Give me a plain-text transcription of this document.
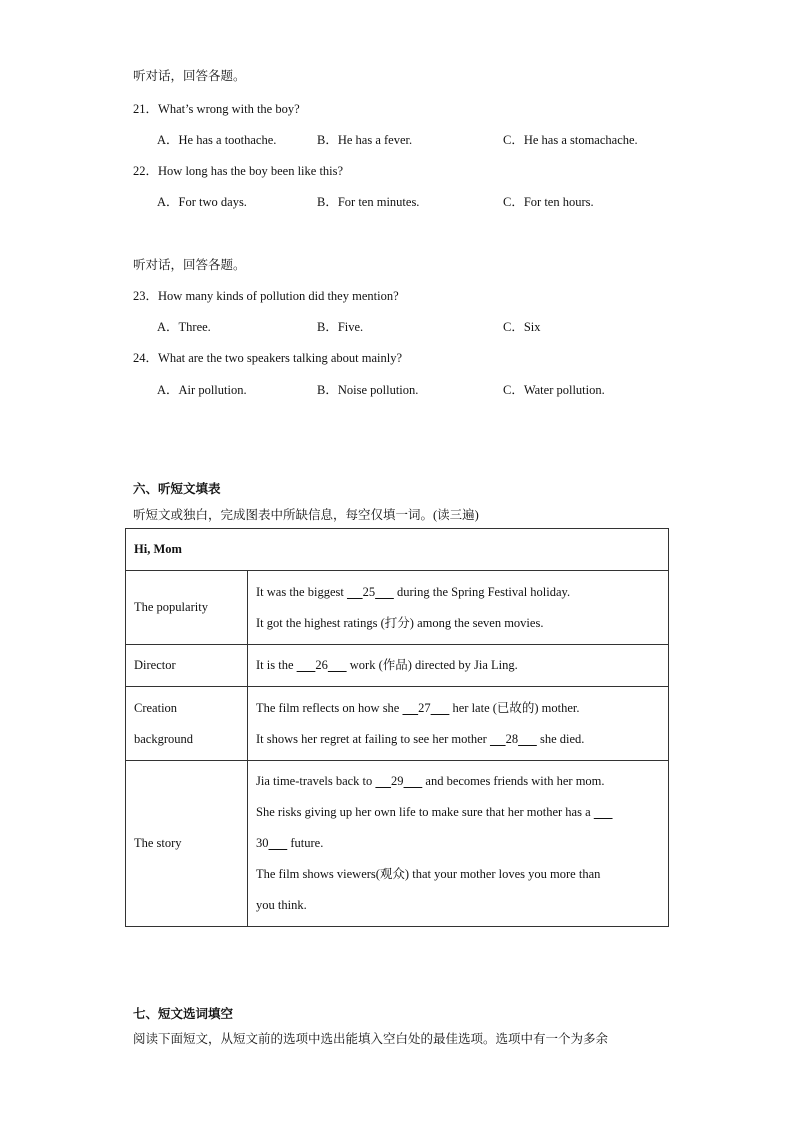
听对话，回答各题。
21．What’s wrong with the boy?
A．He has a toothache.	B．He has a fever.	C．He has a stomachache.
22．How long has the boy been like this?
A．For two days.	B．For ten minutes.	C．For ten hours.
听对话，回答各题。
23．How many kinds of pollution did they mention?
A．Three.	B．Five.	C．Six
24．What are the two speakers talking about mainly?
A．Air pollution.	B．Noise pollution.	C．Water pollution.
六、听短文填表
听短文或独白，完成图表中所缺信息，每空仅填一词。(读三遍)
Hi, Mom	
The popularity	It was the biggest 25 during the Spring Festival holiday.
It got the highest ratings (打分) among the seven movies.

Director	It is the 26 work (作品) directed by Jia Ling.

Creation
background	The film reflects on how she 27 her late (已故的) mother.
It shows her regret at failing to see her mother 28 she died.

The story	Jia time-travels back to 29 and becomes friends with her mom.
She risks giving up her own life to make sure that her mother has a
30 future.
The film shows viewers(观众) that your mother loves you more than
you think.
七、短文选词填空
阅读下面短文，从短文前的选项中选出能填入空白处的最佳选项。选项中有一个为多余
